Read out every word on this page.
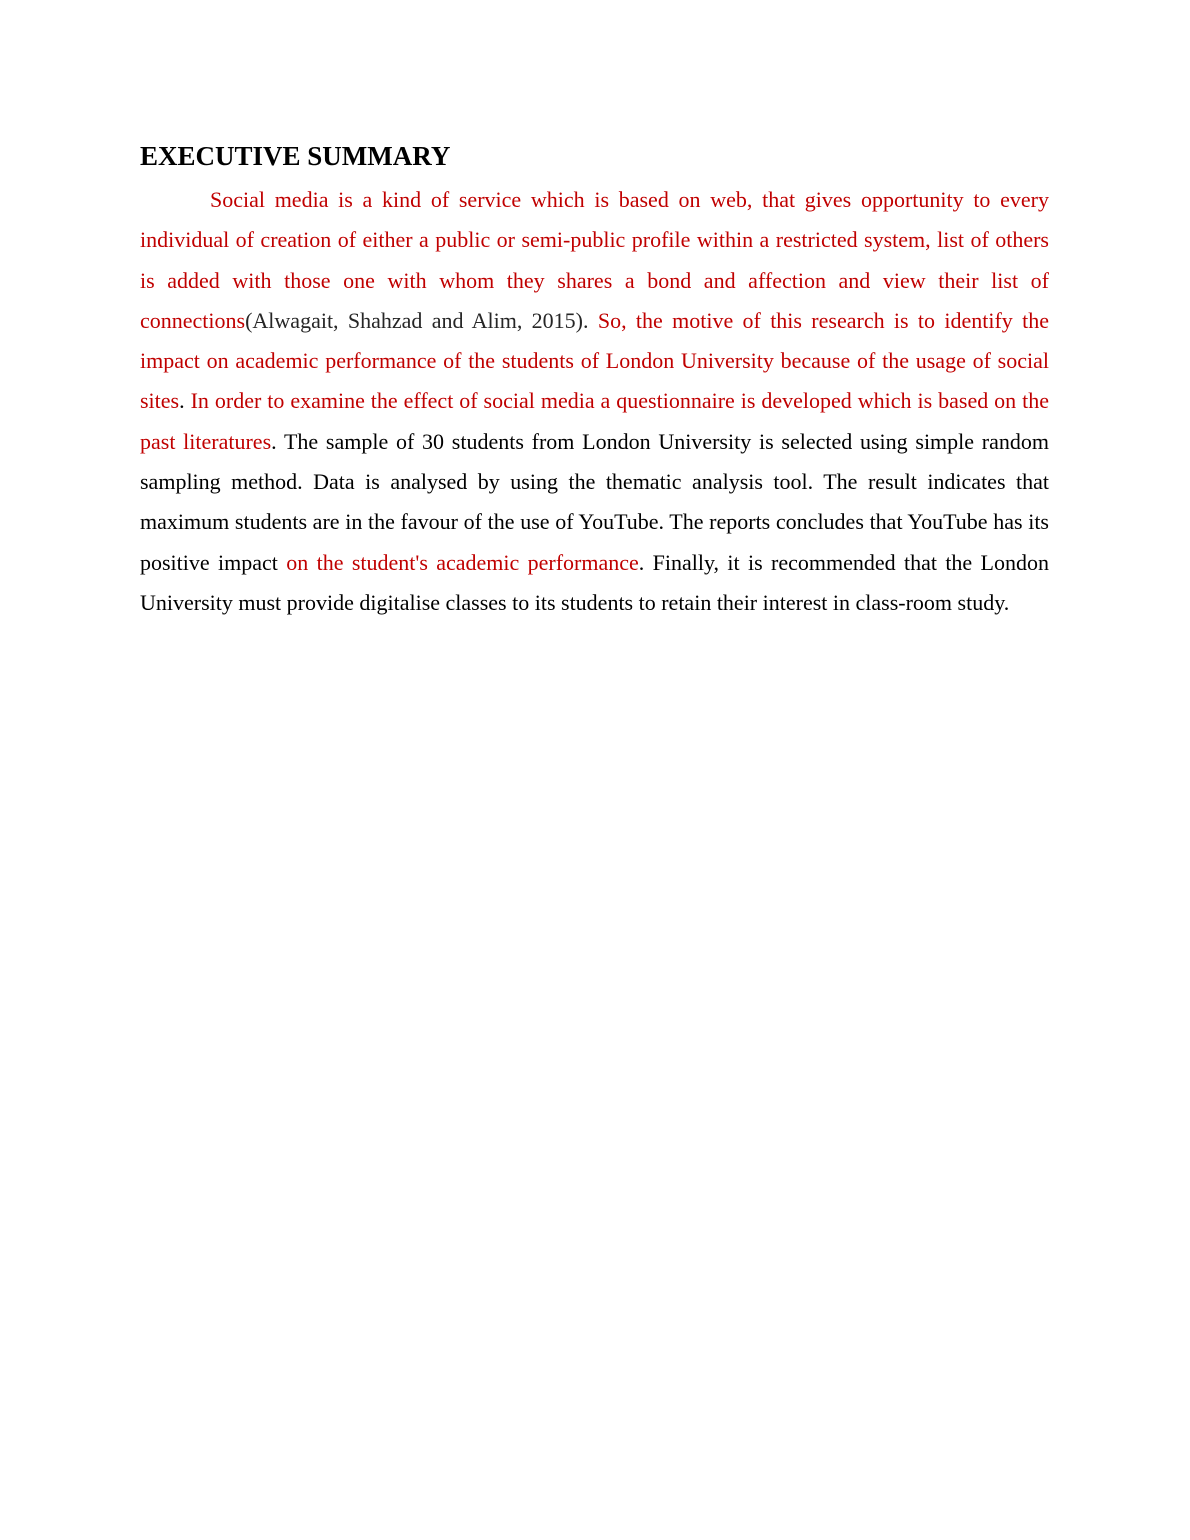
EXECUTIVE SUMMARY

Social media is a kind of service which is based on web, that gives opportunity to every individual of creation of either a public or semi-public profile within a restricted system, list of others is added with those one with whom they shares a bond and affection and view their list of connections(Alwagait, Shahzad and Alim, 2015). So, the motive of this research is to identify the impact on academic performance of the students of London University because of the usage of social sites. In order to examine the effect of social media a questionnaire is developed which is based on the past literatures. The sample of 30 students from London University is selected using simple random sampling method. Data is analysed by using the thematic analysis tool. The result indicates that maximum students are in the favour of the use of YouTube. The reports concludes that YouTube has its positive impact on the student's academic performance. Finally, it is recommended that the London University must provide digitalise classes to its students to retain their interest in class-room study.
